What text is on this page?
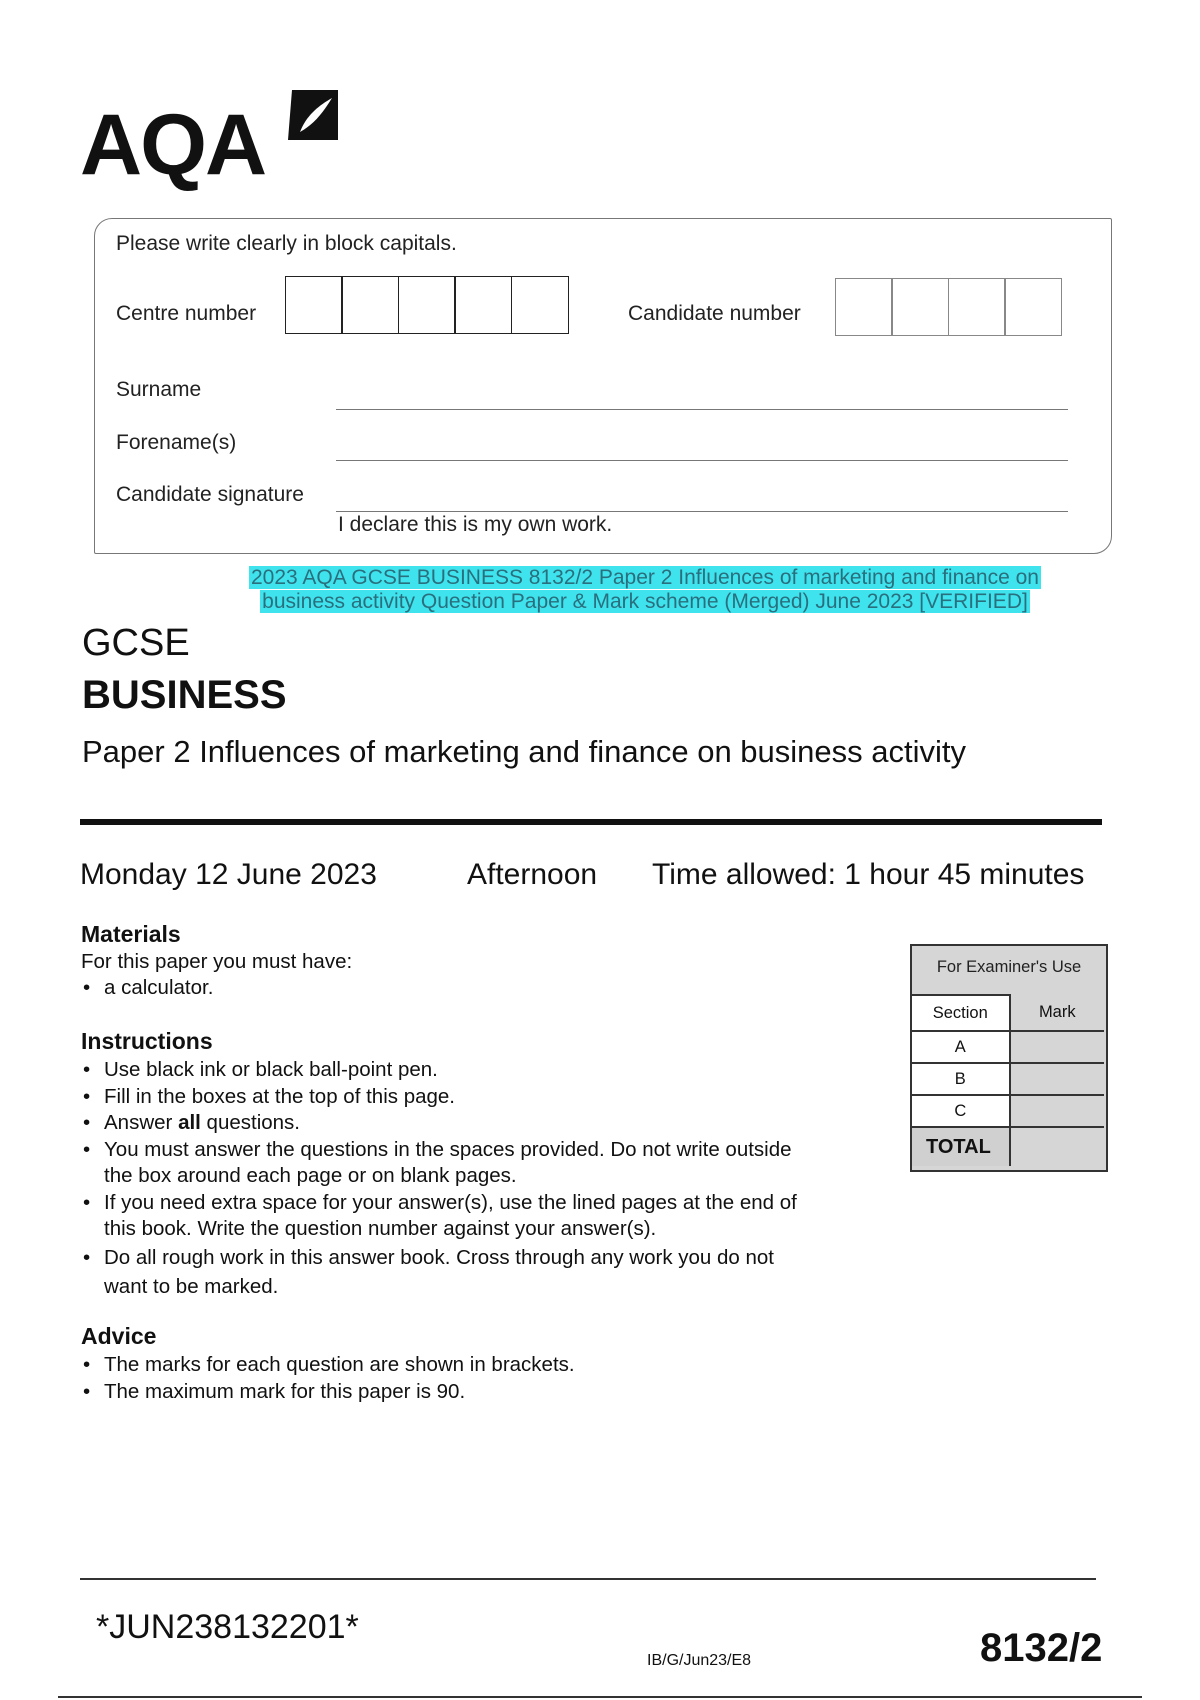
AQA
Please write clearly in block capitals.
Centre number	Candidate number
Surname
Forename(s)
Candidate signature
I declare this is my own work.
2023 AQA GCSE BUSINESS 8132/2 Paper 2 Influences of marketing and finance on
business activity Question Paper & Mark scheme (Merged) June 2023 [VERIFIED]
GCSE
BUSINESS
Paper 2 Influences of marketing and finance on business activity
Monday 12 June 2023	Afternoon Time allowed: 1 hour 45 minutes
Materials
For this paper you must have:
• a calculator.
Instructions
• Use black ink or black ball-point pen.
• Fill in the boxes at the top of this page.
• Answer all questions.
• You must answer the questions in the spaces provided. Do not write outside
the box around each page or on blank pages.
• If you need extra space for your answer(s), use the lined pages at the end of
this book. Write the question number against your answer(s).
• Do all rough work in this answer book. Cross through any work you do not
want to be marked.
Advice
• The marks for each question are shown in brackets.
• The maximum mark for this paper is 90.
For Examiner's Use
Section	Mark
A	
B	
C	
TOTAL	
*JUN238132201*
IB/G/Jun23/E8	8132/2
